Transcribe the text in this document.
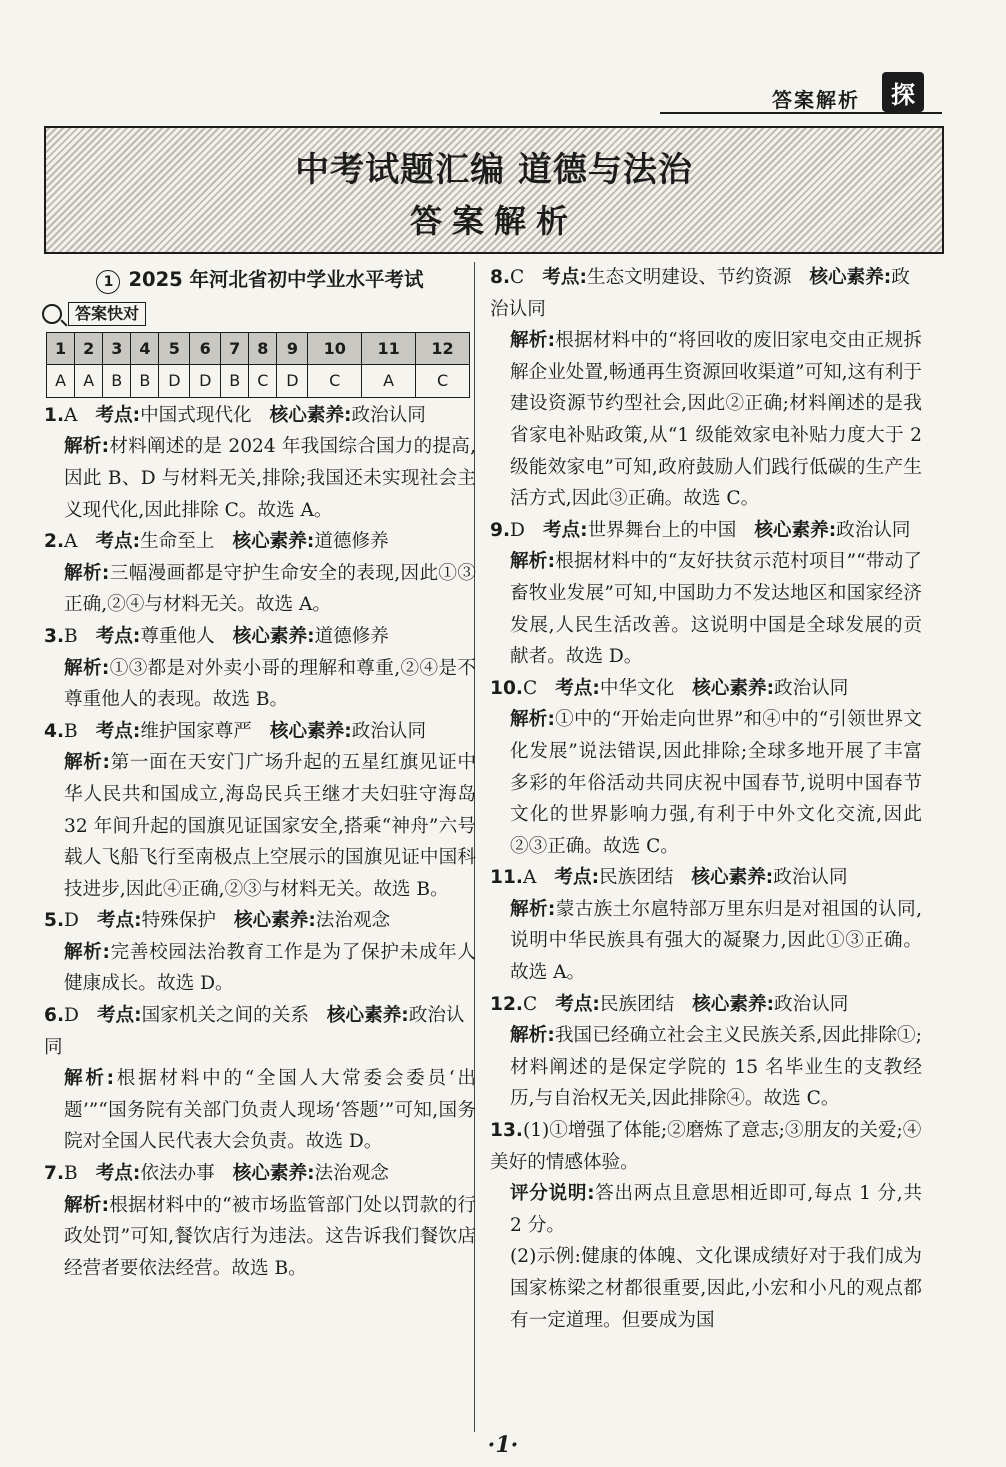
答案解析	探
中考试题汇编 道德与法治
答案解析
1 2025 年河北省初中学业水平考试
答案快对
1	2	3	4	5	6	7	8	9	10	11	12
A	A	B	B	D	D	B	C	D	C	A	C

1.A 考点:中国式现代化 核心素养:政治认同

解析:材料阐述的是 2024 年我国综合国力的提高,因此 B、D 与材料无关,排除;我国还未实现社会主义现代化,因此排除 C。故选 A。

2.A 考点:生命至上 核心素养:道德修养

解析:三幅漫画都是守护生命安全的表现,因此①③正确,②④与材料无关。故选 A。

3.B 考点:尊重他人 核心素养:道德修养

解析:①③都是对外卖小哥的理解和尊重,②④是不尊重他人的表现。故选 B。

4.B 考点:维护国家尊严 核心素养:政治认同

解析:第一面在天安门广场升起的五星红旗见证中华人民共和国成立,海岛民兵王继才夫妇驻守海岛 32 年间升起的国旗见证国家安全,搭乘“神舟”六号载人飞船飞行至南极点上空展示的国旗见证中国科技进步,因此④正确,②③与材料无关。故选 B。

5.D 考点:特殊保护 核心素养:法治观念

解析:完善校园法治教育工作是为了保护未成年人健康成长。故选 D。

6.D 考点:国家机关之间的关系 核心素养:政治认同

解析:根据材料中的“全国人大常委会委员‘出题’”“国务院有关部门负责人现场‘答题’”可知,国务院对全国人民代表大会负责。故选 D。

7.B 考点:依法办事 核心素养:法治观念

解析:根据材料中的“被市场监管部门处以罚款的行政处罚”可知,餐饮店行为违法。这告诉我们餐饮店经营者要依法经营。故选 B。

8.C 考点:生态文明建设、节约资源 核心素养:政治认同

解析:根据材料中的“将回收的废旧家电交由正规拆解企业处置,畅通再生资源回收渠道”可知,这有利于建设资源节约型社会,因此②正确;材料阐述的是我省家电补贴政策,从“1 级能效家电补贴力度大于 2 级能效家电”可知,政府鼓励人们践行低碳的生产生活方式,因此③正确。故选 C。

9.D 考点:世界舞台上的中国 核心素养:政治认同

解析:根据材料中的“友好扶贫示范村项目”“带动了畜牧业发展”可知,中国助力不发达地区和国家经济发展,人民生活改善。这说明中国是全球发展的贡献者。故选 D。

10.C 考点:中华文化 核心素养:政治认同

解析:①中的“开始走向世界”和④中的“引领世界文化发展”说法错误,因此排除;全球多地开展了丰富多彩的年俗活动共同庆祝中国春节,说明中国春节文化的世界影响力强,有利于中外文化交流,因此②③正确。故选 C。

11.A 考点:民族团结 核心素养:政治认同

解析:蒙古族土尔扈特部万里东归是对祖国的认同,说明中华民族具有强大的凝聚力,因此①③正确。故选 A。

12.C 考点:民族团结 核心素养:政治认同

解析:我国已经确立社会主义民族关系,因此排除①;材料阐述的是保定学院的 15 名毕业生的支教经历,与自治权无关,因此排除④。故选 C。

13.(1)①增强了体能;②磨炼了意志;③朋友的关爱;④美好的情感体验。

评分说明:答出两点且意思相近即可,每点 1 分,共 2 分。

(2)示例:健康的体魄、文化课成绩好对于我们成为国家栋梁之材都很重要,因此,小宏和小凡的观点都有一定道理。但要成为国

·1·
